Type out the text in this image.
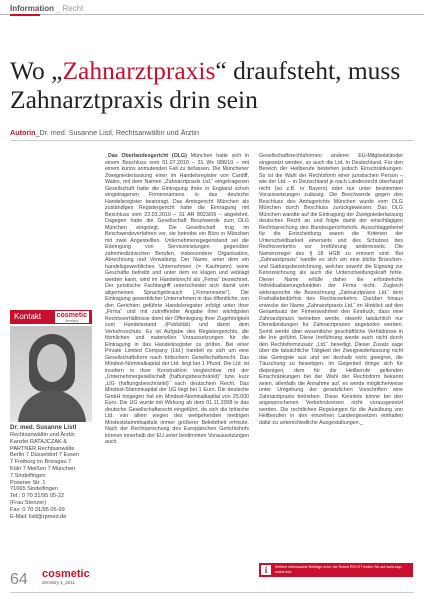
Information _ Recht
Wo „Zahnarztpraxis“ draufsteht, muss Zahnarztpraxis drin sein
Autorin_Dr. med. Susanne Listl, Rechtsanwältin und Ärztin

_Das Oberlandesgericht (OLG) München hatte sich in einem Beschluss vom 01.07.2010 – 31 Wx 088/10 – mit einem kurios anmutenden Fall zu befassen. Die Münchener Zweigniederlassung einer im Handelsregister von Cardiff, Wales, mit dem Namen „Zahnarztpraxis Ltd.“ eingetragenen Gesellschaft hatte die Eintragung ihres in England schon eingetragenen Firmennamens in das deutsche Handelsregister beantragt. Das Amtsgericht München als zuständiges Registergericht hatte die Eintragung mit Beschluss vom 22.03.2010 – 31 AR 8023/09 – abgelehnt. Dagegen hatte die Gesellschaft Beschwerde zum OLG München eingelegt. Die Gesellschaft trug im Beschwerdeverfahren vor, sie betreibe ein Büro in München mit zwei Angestellten. Unternehmensgegenstand sei die Erbringung von Serviceleistungen gegenüber zahnmedizinischen Berufen, insbesondere Organisation, Abrechnung und Verwaltung. Der Name, unter dem ein handelsgewerbliches Unternehmen (= Kaufmann) seine Geschäfte betreibt und unter dem es klagen und verklagt werden kann, wird im Handelsrecht als „Firma“ bezeichnet. Der juristische Fachbegriff unterscheidet sich damit vom allgemeinen Sprachgebrauch („Firmenname“). Die Eintragung gewerblicher Unternehmen in das öffentliche, von den Gerichten geführte Handelsregister erfolgt unter ihrer „Firma“ und mit zutreffender Angabe ihrer wichtigsten Rechtsverhältnisse dient der Offenlegung ihrer Zugehörigkeit zum Handelsstand (Publizität) und damit dem Verkehrsschutz. Es ist Aufgabe des Registergerichts, die förmlichen und materiellen Voraussetzungen für die Eintragung in das Handelsregister zu prüfen. Bei einer Private Limited Company (Ltd.) handelt es sich um eine Gesellschaftsform nach britischem Gesellschaftsrecht. Das Mindest-Nominalkapital der Ltd. liegt bei 1 Pfund. Die Ltd. ist insofern in ihrer Konstruktion vergleichbar mit der „Unternehmergesellschaft (haftungsbeschränkt)“ bzw. kurz „UG (haftungsbeschränkt)“ nach deutschem Recht. Das Mindest-Stammkapital der UG liegt bei 1 Euro. Die deutsche GmbH hingegen hat ein Mindest-Nominalkapital von 25.000 Euro. Die UG wurde mit Wirkung ab dem 01.11.2008 in das deutsche Gesellschaftsrecht eingeführt, da sich die britische Ltd. von allem wegen des weitgehenden niedrigen Mindeststammkapitals immer größerer Beliebtheit erfreute. Nach der Rechtsprechung des Europäischen Gerichtshofs können innerhalb der EU unter bestimmten Voraussetzungen auch

Gesellschaftsrechtsformen anderer EU-Mitgliedsländer eingesetzt werden, so auch die Ltd. in Deutschland. Für den Bereich der Heilberufe bestehen jedoch Einschränkungen. So ist die Wahl der Rechtsform einer juristischen Person – wie der Ltd. – in Deutschland je nach Landesrecht überhaupt nicht (so z.B. in Bayern) oder nur unter bestimmten Voraussetzungen zulässig. Die Beschwerde gegen den Beschluss des Amtsgerichts München wurde vom OLG München durch Beschluss zurückgewiesen. Das OLG München wandte auf die Eintragung der Zweigniederlassung deutsches Recht an und folgte damit der einschlägigen Rechtsprechung des Bundesgerichtshofs. Ausschlaggebend für die Entscheidung waren die Kriterien der Unterscheidbarkeit einerseits und des Schutzes des Rechtsverkehrs vor Irreführung andererseits. Die Namensregel des § 18 HGB zu erinnert sind. Bei „Zahnarztpraxis“ handle es sich um eine bloße Branchen- und Gattungsbezeichnung, welcher sowohl die Eignung zur Kennzeichnung als auch die Unterscheidungskraft fehle. Dieser Name erfülle daher die erforderliche Individualisierungsfunktion der Firma nicht. Zugleich widerspreche die Bezeichnung „Zahnarztpraxis Ltd.“ dem Freihaltebedürfnis des Rechtsverkehrs. Darüber hinaus erwecke der Name „Zahnarztpraxis Ltd.“ im Hinblick auf den Gesamtsatz der Firmenwahrheit den Eindruck, dass eine Zahnarztpraxis betrieben werde, obwohl tatsächlich nur Dienstleistungen für Zahnarztpraxen angeboten werden. Somit werde über wesentliche geschäftliche Verhältnisse in die Irre geführt. Diese Irreführung werde auch nicht durch den Rechtsformzusatz „Ltd.“ beseitigt. Dieser Zusatz sage über die tatsächliche Tätigkeit der Zweigniederlassung nicht das Geringste aus und sei deshalb nicht geeignet, die Täuschung zu beseitigen. Im Gegenteil dringe sich für diejenigen, dem für die Heilberufe geltenden Einschränkungen bei der Wahl der Rechtsform bekannt seien, allenfalls die Annahme auf, es werde möglicherweise unter Umgehung der gesetzlichen Vorschriften eine Zahnarztpraxis betrieben. Diese Kenntnis könne bei den angesprochenen Verkehrskreisen nicht vorausgesetzt werden. Die rechtlichen Regelungen für die Ausübung von Heilberufen in den einzelnen Landesgesetzen enthalten dafür zu unterschiedliche Ausgestaltungen._

Kontakt cosmetic
dentistry
Dr. med. Susanne Listl
Rechtsanwältin und Ärztin
Kanzlei RATAJCZAK &
PARTNER Rechtsanwälte
Berlin 7 Düsseldorf 7 Essen
7 Freiburg im Breisgau 7
Köln 7 Meißen 7 München
7 Sindelfingen
Posener Str. 1
71065 Sindelfingen
Tel.: 0 70 31/95 05-22
(Frau Stenzer)
Fax: 0 70 31/95 05-99
E-Mail: listl@rpmed.de
i	Weitere interessante Beiträge unter der Rubrik RECHT finden Sie auf www.zwp-online.info
64 cosmetic
dentistry 1_2011
